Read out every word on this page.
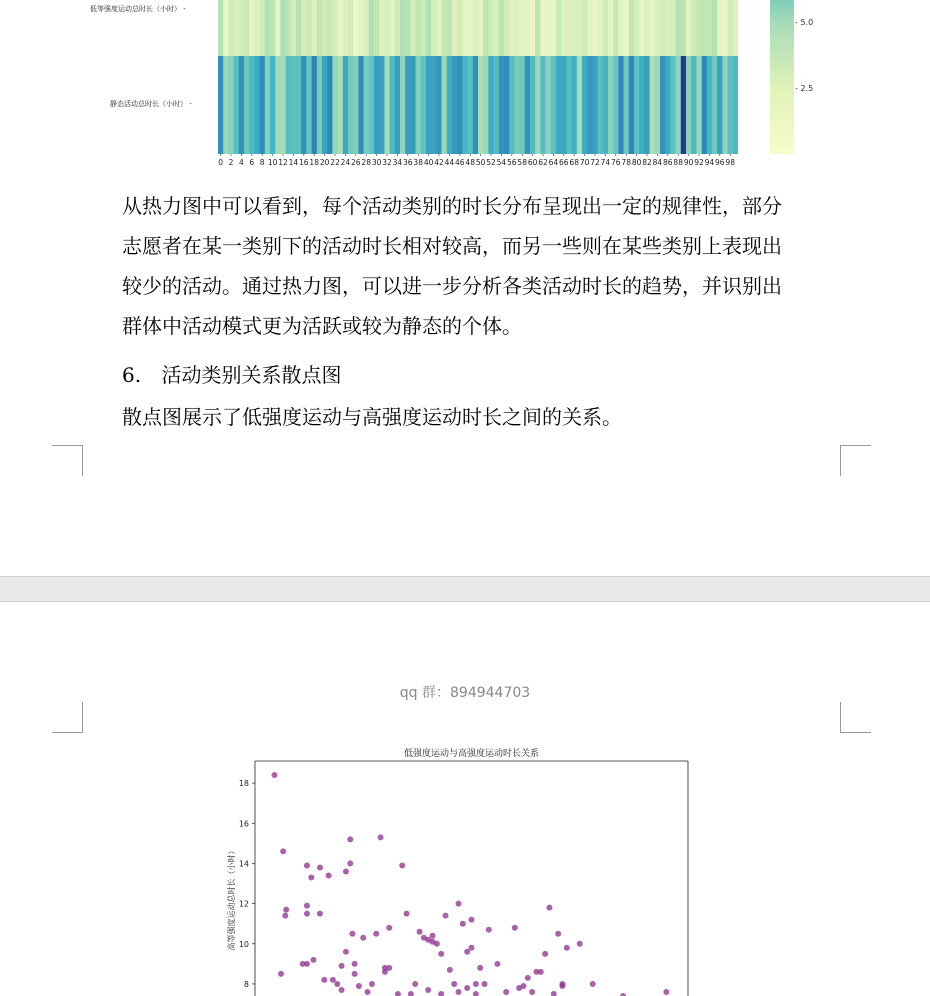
低等强度运动总时长（小时） -
静态活动总时长（小时） -
0 2 4 6 8 10 12 14 16 18 20 22 24 26 28 30 32 34 36 38 40 42 44 46 48 50 52 54 56 58 60 62 64 66 68 70 72 74 76 78 80 82 84 86 88 90 92 94 96 98
- 5.0
- 2.5
从热力图中可以看到，每个活动类别的时长分布呈现出一定的规律性，部分
志愿者在某一类别下的活动时长相对较高，而另一些则在某些类别上表现出
较少的活动。通过热力图，可以进一步分析各类活动时长的趋势，并识别出
群体中活动模式更为活跃或较为静态的个体。
6. 活动类别关系散点图
散点图展示了低强度运动与高强度运动时长之间的关系。
qq 群：894944703
低强度运动与高强度运动时长关系
8
10
12
14
16
18
高等强度运动总时长（小时）
